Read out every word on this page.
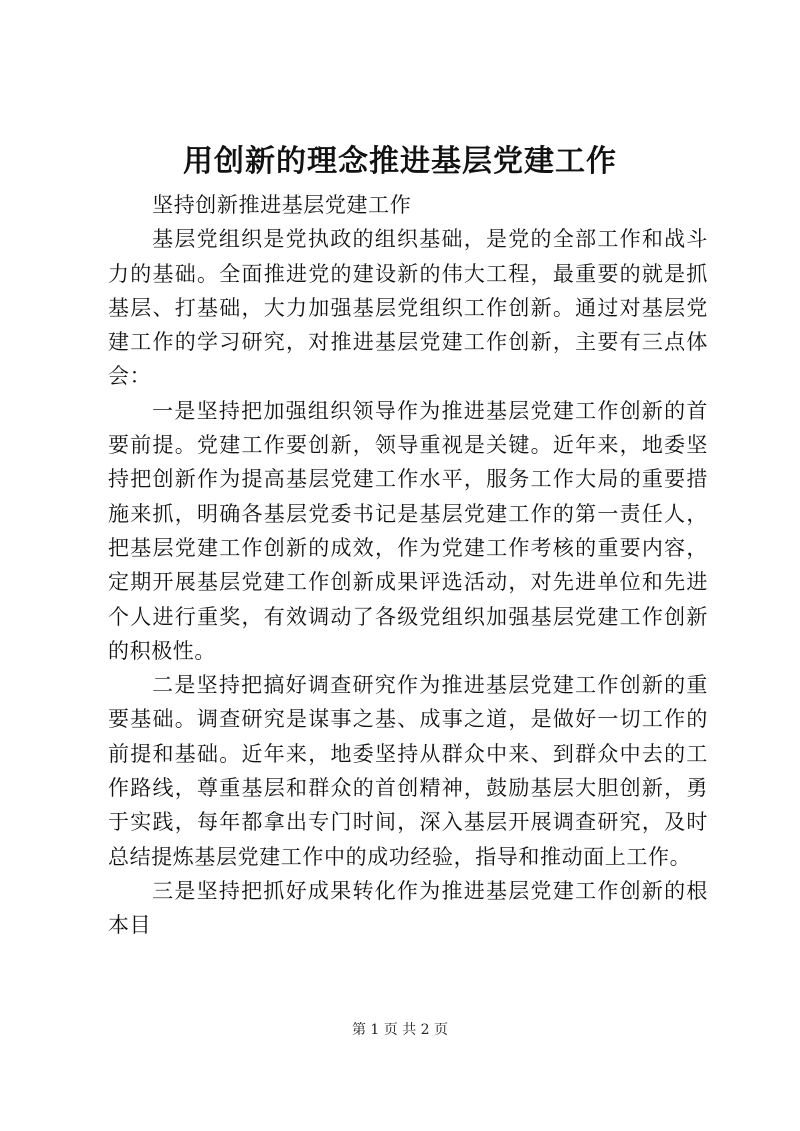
用创新的理念推进基层党建工作

坚持创新推进基层党建工作

基层党组织是党执政的组织基础，是党的全部工作和战斗力的基础。全面推进党的建设新的伟大工程，最重要的就是抓基层、打基础，大力加强基层党组织工作创新。通过对基层党建工作的学习研究，对推进基层党建工作创新，主要有三点体会：

一是坚持把加强组织领导作为推进基层党建工作创新的首要前提。党建工作要创新，领导重视是关键。近年来，地委坚持把创新作为提高基层党建工作水平，服务工作大局的重要措施来抓，明确各基层党委书记是基层党建工作的第一责任人，把基层党建工作创新的成效，作为党建工作考核的重要内容，定期开展基层党建工作创新成果评选活动，对先进单位和先进个人进行重奖，有效调动了各级党组织加强基层党建工作创新的积极性。

二是坚持把搞好调查研究作为推进基层党建工作创新的重要基础。调查研究是谋事之基、成事之道，是做好一切工作的前提和基础。近年来，地委坚持从群众中来、到群众中去的工作路线，尊重基层和群众的首创精神，鼓励基层大胆创新，勇于实践，每年都拿出专门时间，深入基层开展调查研究，及时总结提炼基层党建工作中的成功经验，指导和推动面上工作。

三是坚持把抓好成果转化作为推进基层党建工作创新的根本目

第 1 页 共 2 页
